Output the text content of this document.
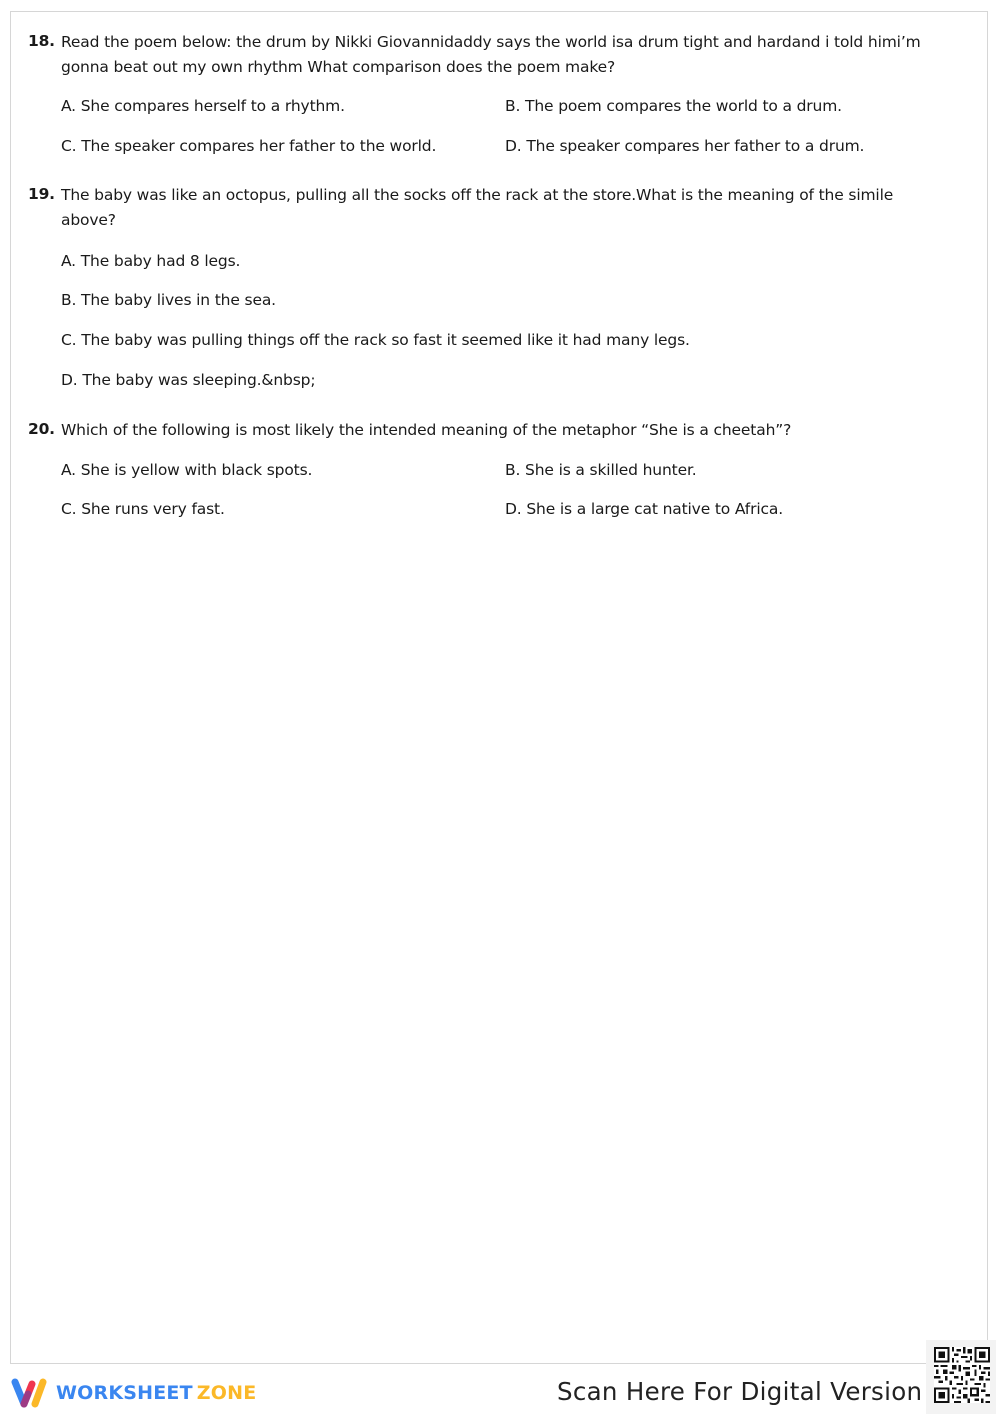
18. Read the poem below: the drum by Nikki Giovannidaddy says the world isa drum tight and hardand i told himi’m gonna beat out my own rhythm What comparison does the poem make?
A. She compares herself to a rhythm.	B. The poem compares the world to a drum.
C. The speaker compares her father to the world.	D. The speaker compares her father to a drum.
19. The baby was like an octopus, pulling all the socks off the rack at the store.What is the meaning of the simile above?
A. The baby had 8 legs.
B. The baby lives in the sea.
C. The baby was pulling things off the rack so fast it seemed like it had many legs.
D. The baby was sleeping.&nbsp;
20. Which of the following is most likely the intended meaning of the metaphor “She is a cheetah”?
A. She is yellow with black spots.	B. She is a skilled hunter.
C. She runs very fast.	D. She is a large cat native to Africa.
WORKSHEET ZONE	Scan Here For Digital Version
